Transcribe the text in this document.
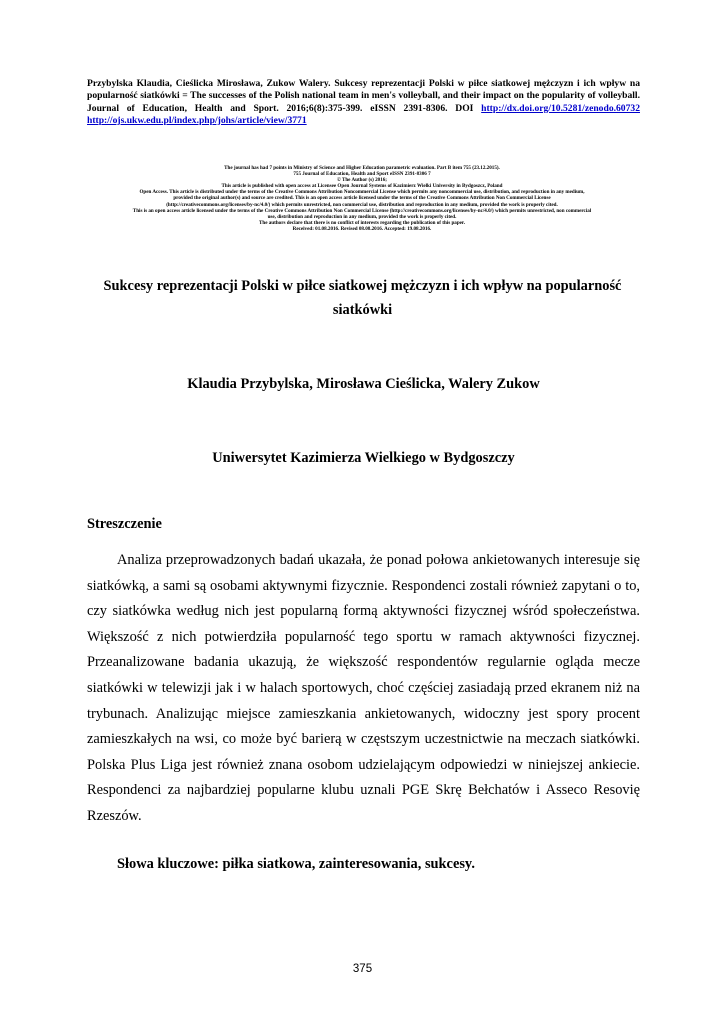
Przybylska Klaudia, Cieślicka Mirosława, Zukow Walery. Sukcesy reprezentacji Polski w piłce siatkowej mężczyzn i ich wpływ na popularność siatkówki = The successes of the Polish national team in men's volleyball, and their impact on the popularity of volleyball. Journal of Education, Health and Sport. 2016;6(8):375-399. eISSN 2391-8306. DOI http://dx.doi.org/10.5281/zenodo.60732 http://ojs.ukw.edu.pl/index.php/johs/article/view/3771
The journal has had 7 points in Ministry of Science and Higher Education parametric evaluation. Part B item 755 (23.12.2015).
755 Journal of Education, Health and Sport eISSN 2391-8306 7
© The Author (s) 2016;
This article is published with open access at Licensee Open Journal Systems of Kazimierz Wielki University in Bydgoszcz, Poland
Open Access. This article is distributed under the terms of the Creative Commons Attribution Noncommercial License which permits any noncommercial use, distribution, and reproduction in any medium,
provided the original author(s) and source are credited. This is an open access article licensed under the terms of the Creative Commons Attribution Non Commercial License
(http://creativecommons.org/licenses/by-nc/4.0/) which permits unrestricted, non commercial use, distribution and reproduction in any medium, provided the work is properly cited.
This is an open access article licensed under the terms of the Creative Commons Attribution Non Commercial License (http://creativecommons.org/licenses/by-nc/4.0/) which permits unrestricted, non commercial
use, distribution and reproduction in any medium, provided the work is properly cited.
The authors declare that there is no conflict of interests regarding the publication of this paper.
Received: 01.08.2016. Revised 08.08.2016. Accepted: 19.08.2016.
Sukcesy reprezentacji Polski w piłce siatkowej mężczyzn i ich wpływ na popularność siatkówki
Klaudia Przybylska, Mirosława Cieślicka, Walery Zukow
Uniwersytet Kazimierza Wielkiego w Bydgoszczy
Streszczenie

Analiza przeprowadzonych badań ukazała, że ponad połowa ankietowanych interesuje się siatkówką, a sami są osobami aktywnymi fizycznie. Respondenci zostali również zapytani o to, czy siatkówka według nich jest popularną formą aktywności fizycznej wśród społeczeństwa. Większość z nich potwierdziła popularność tego sportu w ramach aktywności fizycznej. Przeanalizowane badania ukazują, że większość respondentów regularnie ogląda mecze siatkówki w telewizji jak i w halach sportowych, choć częściej zasiadają przed ekranem niż na trybunach. Analizując miejsce zamieszkania ankietowanych, widoczny jest spory procent zamieszkałych na wsi, co może być barierą w częstszym uczestnictwie na meczach siatkówki. Polska Plus Liga jest również znana osobom udzielającym odpowiedzi w niniejszej ankiecie. Respondenci za najbardziej popularne klubu uznali PGE Skrę Bełchatów i Asseco Resovię Rzeszów.

Słowa kluczowe: piłka siatkowa, zainteresowania, sukcesy.
375
